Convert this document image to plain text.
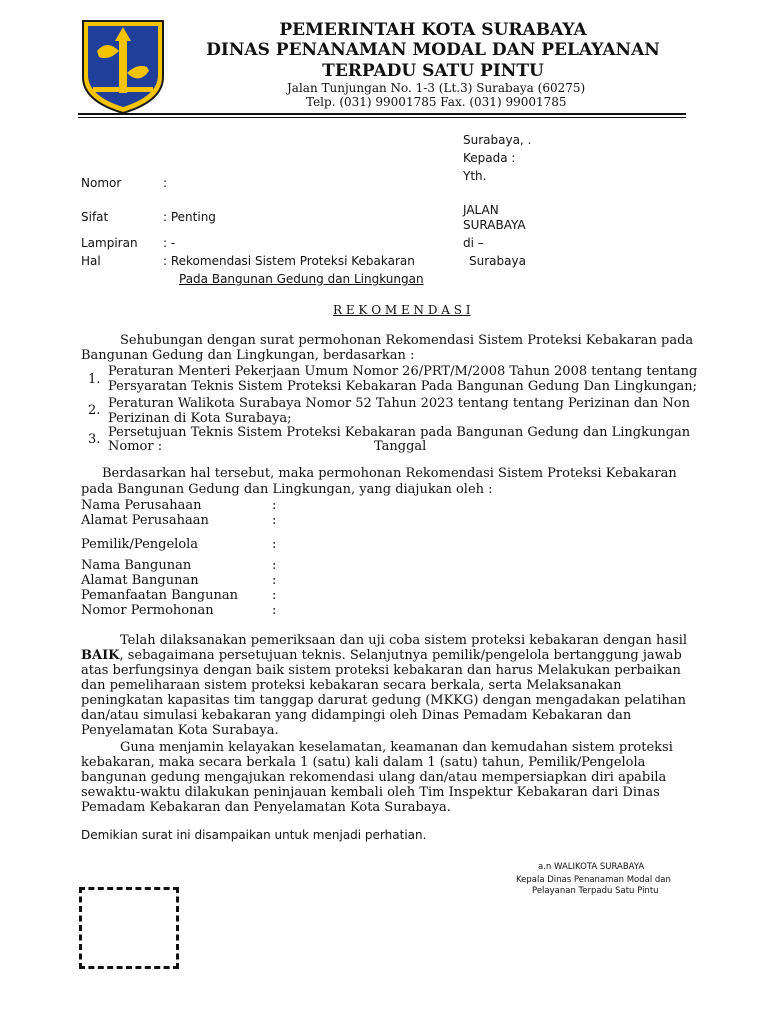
PEMERINTAH KOTA SURABAYA
DINAS PENANAMAN MODAL DAN PELAYANAN
TERPADU SATU PINTU
Jalan Tunjungan No. 1-3 (Lt.3) Surabaya (60275)
Telp. (031) 99001785 Fax. (031) 99001785
Surabaya, .
Kepada :
Yth.
JALAN
SURABAYA
di –
Surabaya
Nomor	:
Sifat	: Penting
Lampiran : -
Hal	: Rekomendasi Sistem Proteksi Kebakaran
Pada Bangunan Gedung dan Lingkungan
R E K O M E N D A S I
Sehubungan dengan surat permohonan Rekomendasi Sistem Proteksi Kebakaran pada
Bangunan Gedung dan Lingkungan, berdasarkan :
1.
Peraturan Menteri Pekerjaan Umum Nomor 26/PRT/M/2008 Tahun 2008 tentang tentang
Persyaratan Teknis Sistem Proteksi Kebakaran Pada Bangunan Gedung Dan Lingkungan;
2. Peraturan Walikota Surabaya Nomor 52 Tahun 2023 tentang tentang Perizinan dan Non
Perizinan di Kota Surabaya;
3. Persetujuan Teknis Sistem Proteksi Kebakaran pada Bangunan Gedung dan Lingkungan
Nomor :	Tanggal
Berdasarkan hal tersebut, maka permohonan Rekomendasi Sistem Proteksi Kebakaran
pada Bangunan Gedung dan Lingkungan, yang diajukan oleh :
Nama Perusahaan	:
Alamat Perusahaan	:
Pemilik/Pengelola	:
Nama Bangunan	:
Alamat Bangunan	:
Pemanfaatan Bangunan	:
Nomor Permohonan	:
Telah dilaksanakan pemeriksaan dan uji coba sistem proteksi kebakaran dengan hasil
BAIK, sebagaimana persetujuan teknis. Selanjutnya pemilik/pengelola bertanggung jawab
atas berfungsinya dengan baik sistem proteksi kebakaran dan harus Melakukan perbaikan
dan pemeliharaan sistem proteksi kebakaran secara berkala, serta Melaksanakan
peningkatan kapasitas tim tanggap darurat gedung (MKKG) dengan mengadakan pelatihan
dan/atau simulasi kebakaran yang didampingi oleh Dinas Pemadam Kebakaran dan
Penyelamatan Kota Surabaya.
Guna menjamin kelayakan keselamatan, keamanan dan kemudahan sistem proteksi
kebakaran, maka secara berkala 1 (satu) kali dalam 1 (satu) tahun, Pemilik/Pengelola
bangunan gedung mengajukan rekomendasi ulang dan/atau mempersiapkan diri apabila
sewaktu-waktu dilakukan peninjauan kembali oleh Tim Inspektur Kebakaran dari Dinas
Pemadam Kebakaran dan Penyelamatan Kota Surabaya.
Demikian surat ini disampaikan untuk menjadi perhatian.
a.n WALIKOTA SURABAYA
Kepala Dinas Penanaman Modal dan
Pelayanan Terpadu Satu Pintu
